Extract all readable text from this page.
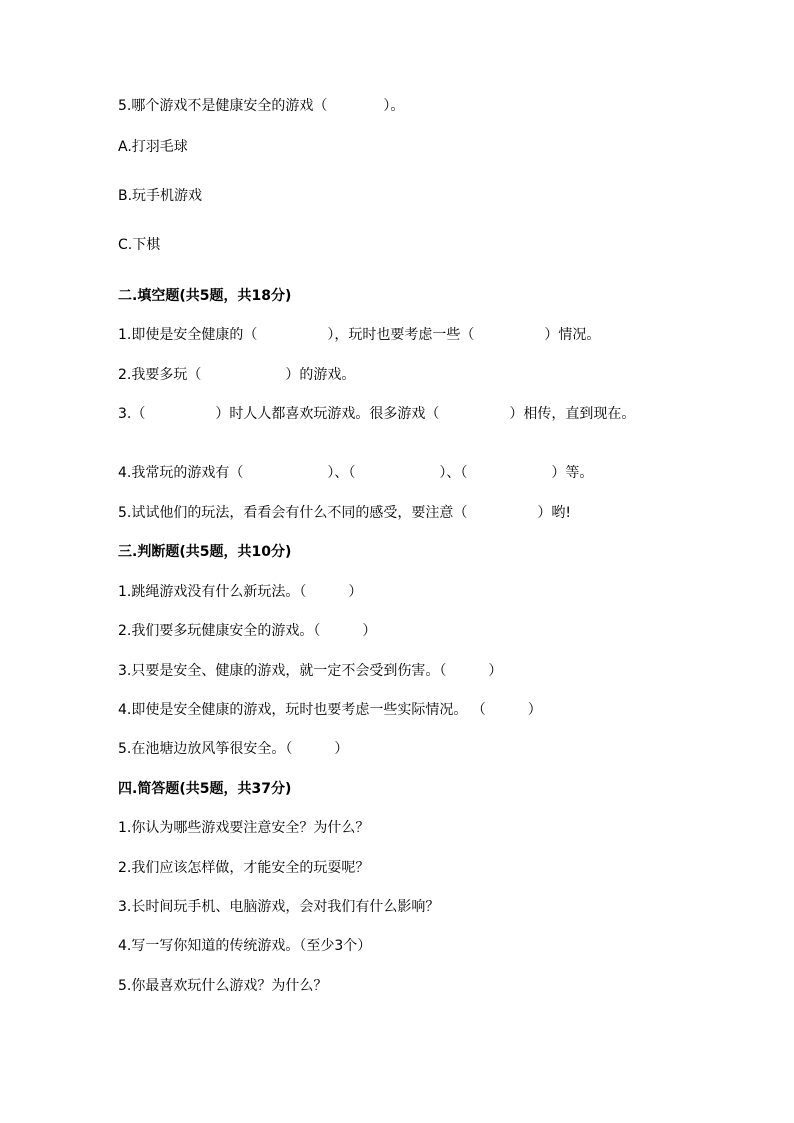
5.哪个游戏不是健康安全的游戏（　　　　）。
A.打羽毛球
B.玩手机游戏
C.下棋
二.填空题(共5题，共18分)
1.即使是安全健康的（　　　　　），玩时也要考虑一些（　　　　　）情况。
2.我要多玩（　　　　　　）的游戏。
3.（　　　　　）时人人都喜欢玩游戏。很多游戏（　　　　　）相传，直到现在。
4.我常玩的游戏有（　　　　　　）、（　　　　　　）、（　　　　　　）等。
5.试试他们的玩法，看看会有什么不同的感受，要注意（　　　　　）哟!
三.判断题(共5题，共10分)
1.跳绳游戏没有什么新玩法。（　　　）
2.我们要多玩健康安全的游戏。（　　　）
3.只要是安全、健康的游戏，就一定不会受到伤害。（　　　）
4.即使是安全健康的游戏，玩时也要考虑一些实际情况。 （　　　）
5.在池塘边放风筝很安全。（　　　）
四.简答题(共5题，共37分)
1.你认为哪些游戏要注意安全？为什么？
2.我们应该怎样做，才能安全的玩耍呢？
3.长时间玩手机、电脑游戏，会对我们有什么影响？
4.写一写你知道的传统游戏。（至少3个）
5.你最喜欢玩什么游戏？为什么？
